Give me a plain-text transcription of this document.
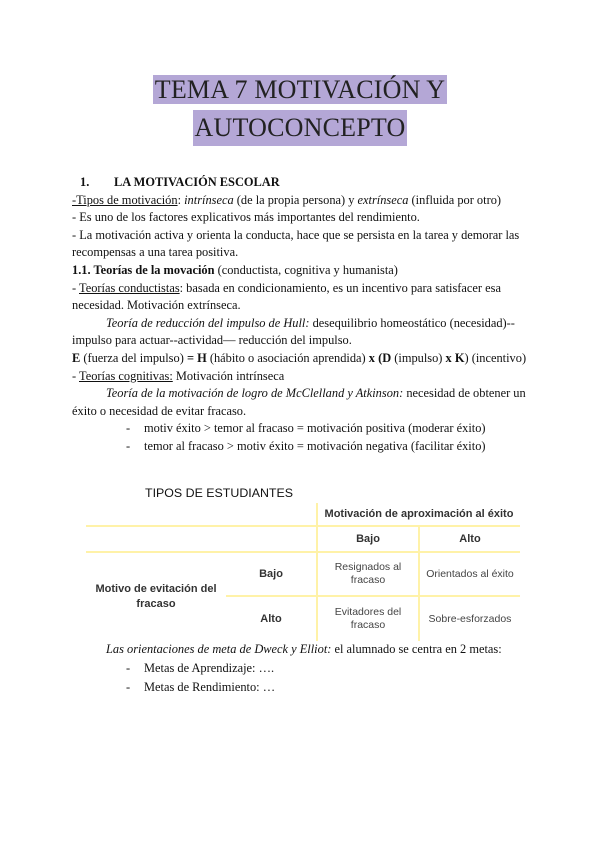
TEMA 7 MOTIVACIÓN Y
AUTOCONCEPTO

1. LA MOTIVACIÓN ESCOLAR

-Tipos de motivación: intrínseca (de la propia persona) y extrínseca (influida por otro)

- Es uno de los factores explicativos más importantes del rendimiento.

- La motivación activa y orienta la conducta, hace que se persista en la tarea y demorar las recompensas a una tarea positiva.

1.1. Teorías de la movación (conductista, cognitiva y humanista)

- Teorías conductistas: basada en condicionamiento, es un incentivo para satisfacer esa necesidad. Motivación extrínseca.

Teoría de reducción del impulso de Hull: desequilibrio homeostático (necesidad)--impulso para actuar--actividad— reducción del impulso.

E (fuerza del impulso) = H (hábito o asociación aprendida) x (D (impulso) x K) (incentivo)

- Teorías cognitivas: Motivación intrínseca

Teoría de la motivación de logro de McClelland y Atkinson: necesidad de obtener un éxito o necesidad de evitar fracaso.

- motiv éxito > temor al fracaso = motivación positiva (moderar éxito)
- temor al fracaso > motiv éxito = motivación negativa (facilitar éxito)
TIPOS DE ESTUDIANTES
		Motivación de aproximación al éxito	
		Bajo	Alto
Motivo de evitación del fracaso	Bajo	Resignados al fracaso	Orientados al éxito
	Alto	Evitadores del fracaso	Sobre-esforzados

Las orientaciones de meta de Dweck y Elliot: el alumnado se centra en 2 metas:

- Metas de Aprendizaje: ….
- Metas de Rendimiento: …
